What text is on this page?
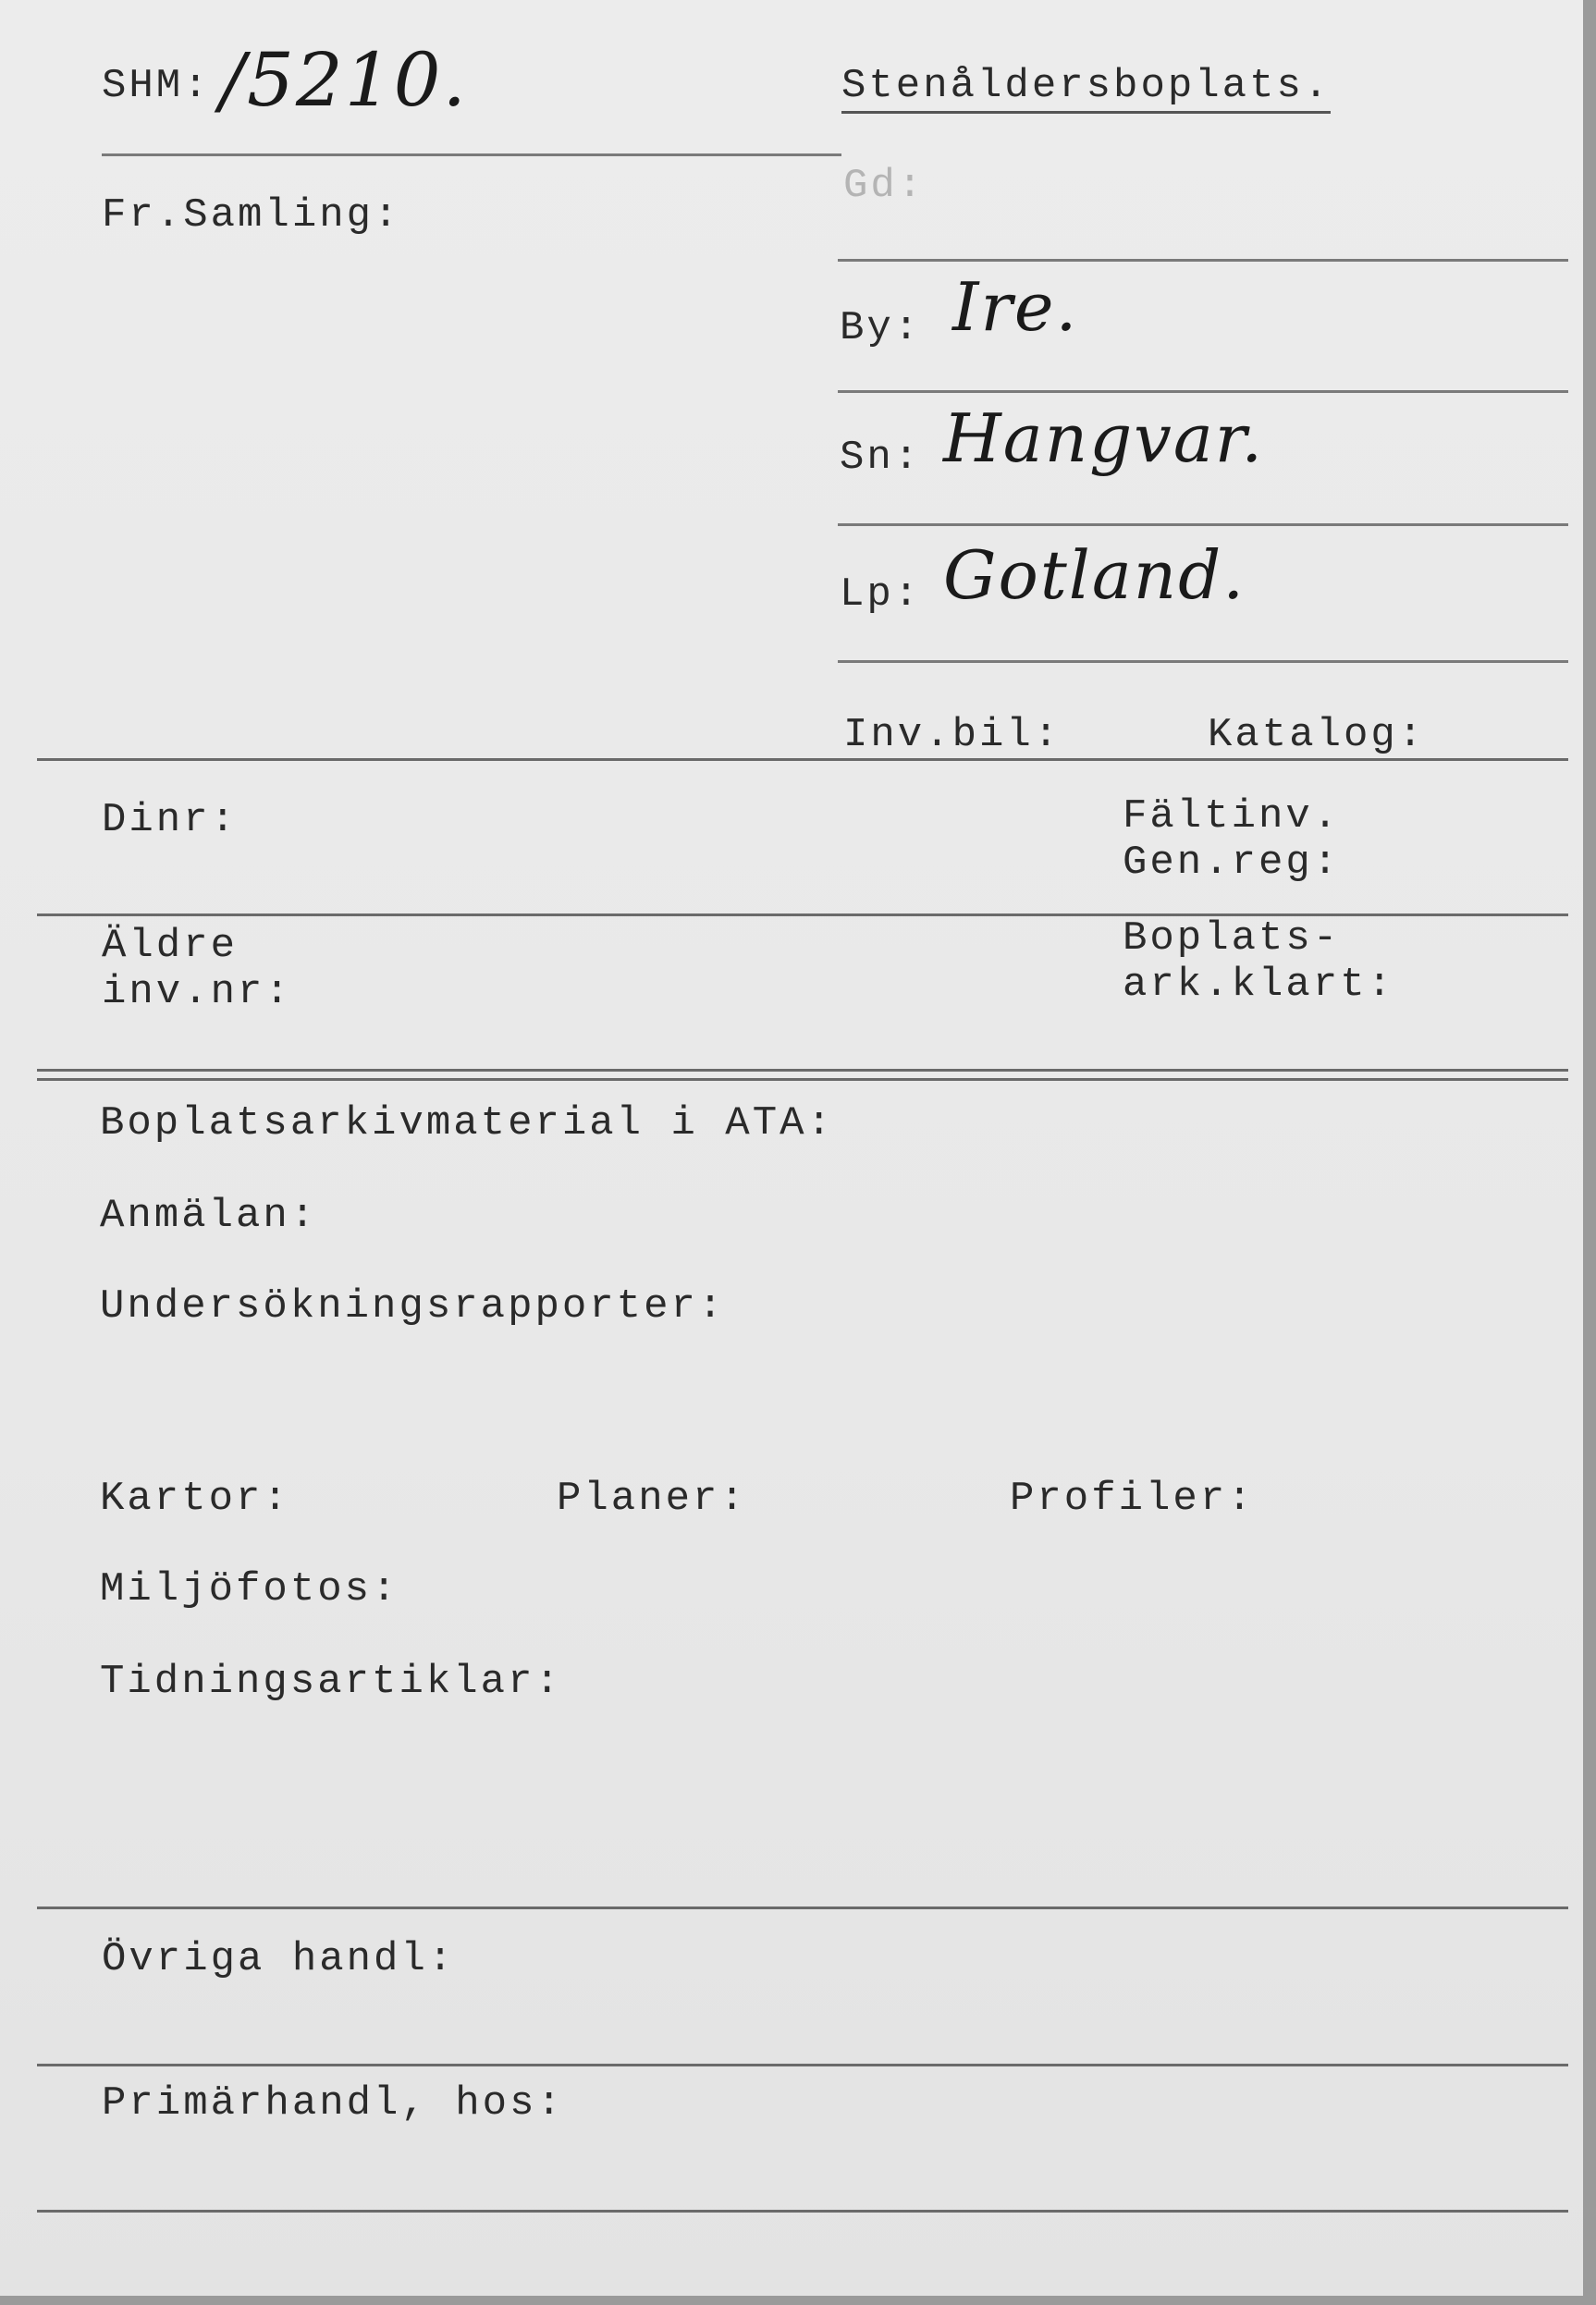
SHM: /5210.	Stenåldersboplats.
Fr.Samling:
Gd:
By: Ire.
Sn: Hangvar.
Lp: Gotland.
Inv.bil:	Katalog:
Dinr:	Fältinv.
Gen.reg:
Äldre
inv.nr:
Boplats-
ark.klart:
Boplatsarkivmaterial i ATA:
Anmälan:
Undersökningsrapporter:
Kartor:	Planer:	Profiler:
Miljöfotos:
Tidningsartiklar:
Övriga handl:
Primärhandl, hos:
